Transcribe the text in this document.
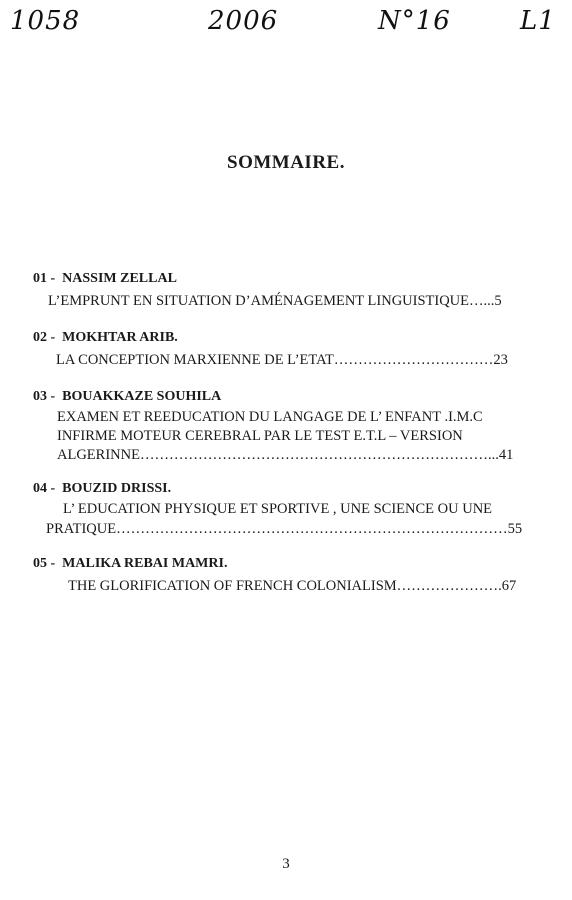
1058	2006	N°16	L1
SOMMAIRE.
01 - NASSIM ZELLAL
L’EMPRUNT EN SITUATION D’AMÉNAGEMENT LINGUISTIQUE…...5
02 - MOKHTAR ARIB.
LA CONCEPTION MARXIENNE DE L’ETAT……………………………23
03 - BOUAKKAZE SOUHILA
EXAMEN ET REEDUCATION DU LANGAGE DE L’ ENFANT .I.M.C
INFIRME MOTEUR CEREBRAL PAR LE TEST E.T.L – VERSION
ALGERINNE………………………………………………………………...41
04 - BOUZID DRISSI.
L’ EDUCATION PHYSIQUE ET SPORTIVE , UNE SCIENCE OU UNE
PRATIQUE………………………………………………………………………55
05 - MALIKA REBAI MAMRI.
THE GLORIFICATION OF FRENCH COLONIALISM………………….67
3
